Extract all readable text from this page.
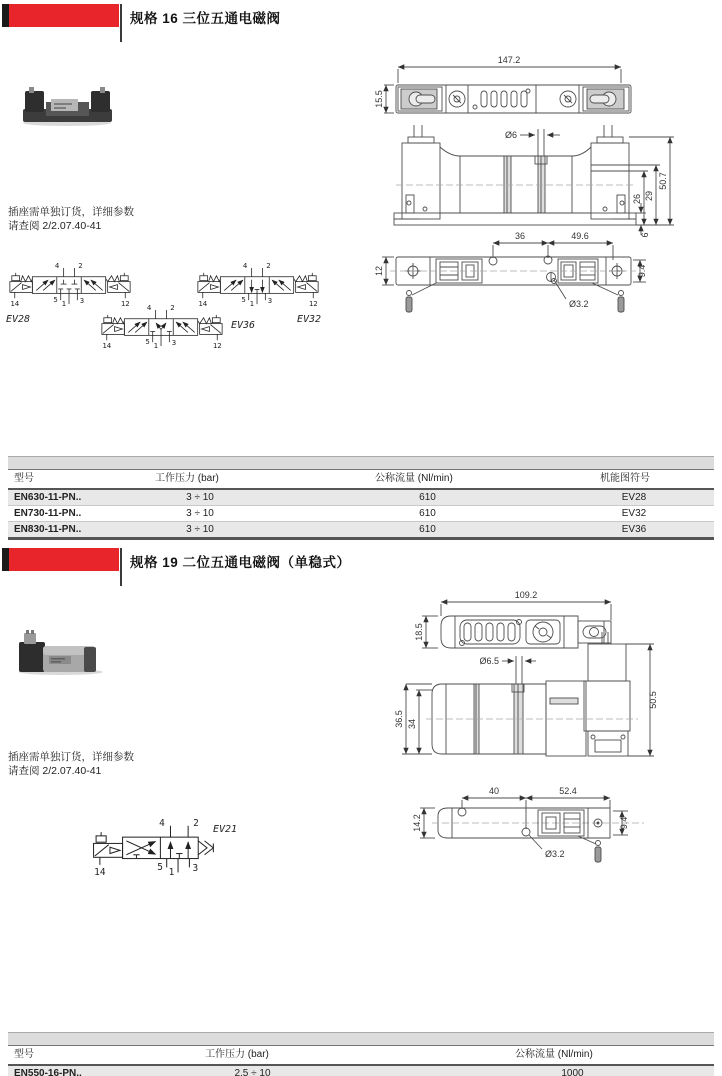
规格 16 三位五通电磁阀
插座需单独订货，详细参数
请查阅 2/2.07.40-41
4 2
5 1 3
14	12
EV28
4 2
5 1 3
14	12
EV32
4 2
5 1 3
14	12
EV36
147.2
15.5
Ø6
26 29
50.7
6
36	49.6
12	9.4
Ø3.2
型号	工作压力 (bar)	公称流量 (Nl/min)	机能图符号
EN630-11-PN..	3 ÷ 10	610	EV28
EN730-11-PN..	3 ÷ 10	610	EV32
EN830-11-PN..	3 ÷ 10	610	EV36
规格 19 二位五通电磁阀（单稳式）
插座需单独订货，详细参数
请查阅 2/2.07.40-41
4 2
5 1 3
14
EV21
109.2
18.5
Ø6.5
36.5 34
50.5
40	52.4
14.2	9.4
Ø3.2
型号	工作压力 (bar)	公称流量 (Nl/min)
EN550-16-PN..	2.5 ÷ 10	1000
